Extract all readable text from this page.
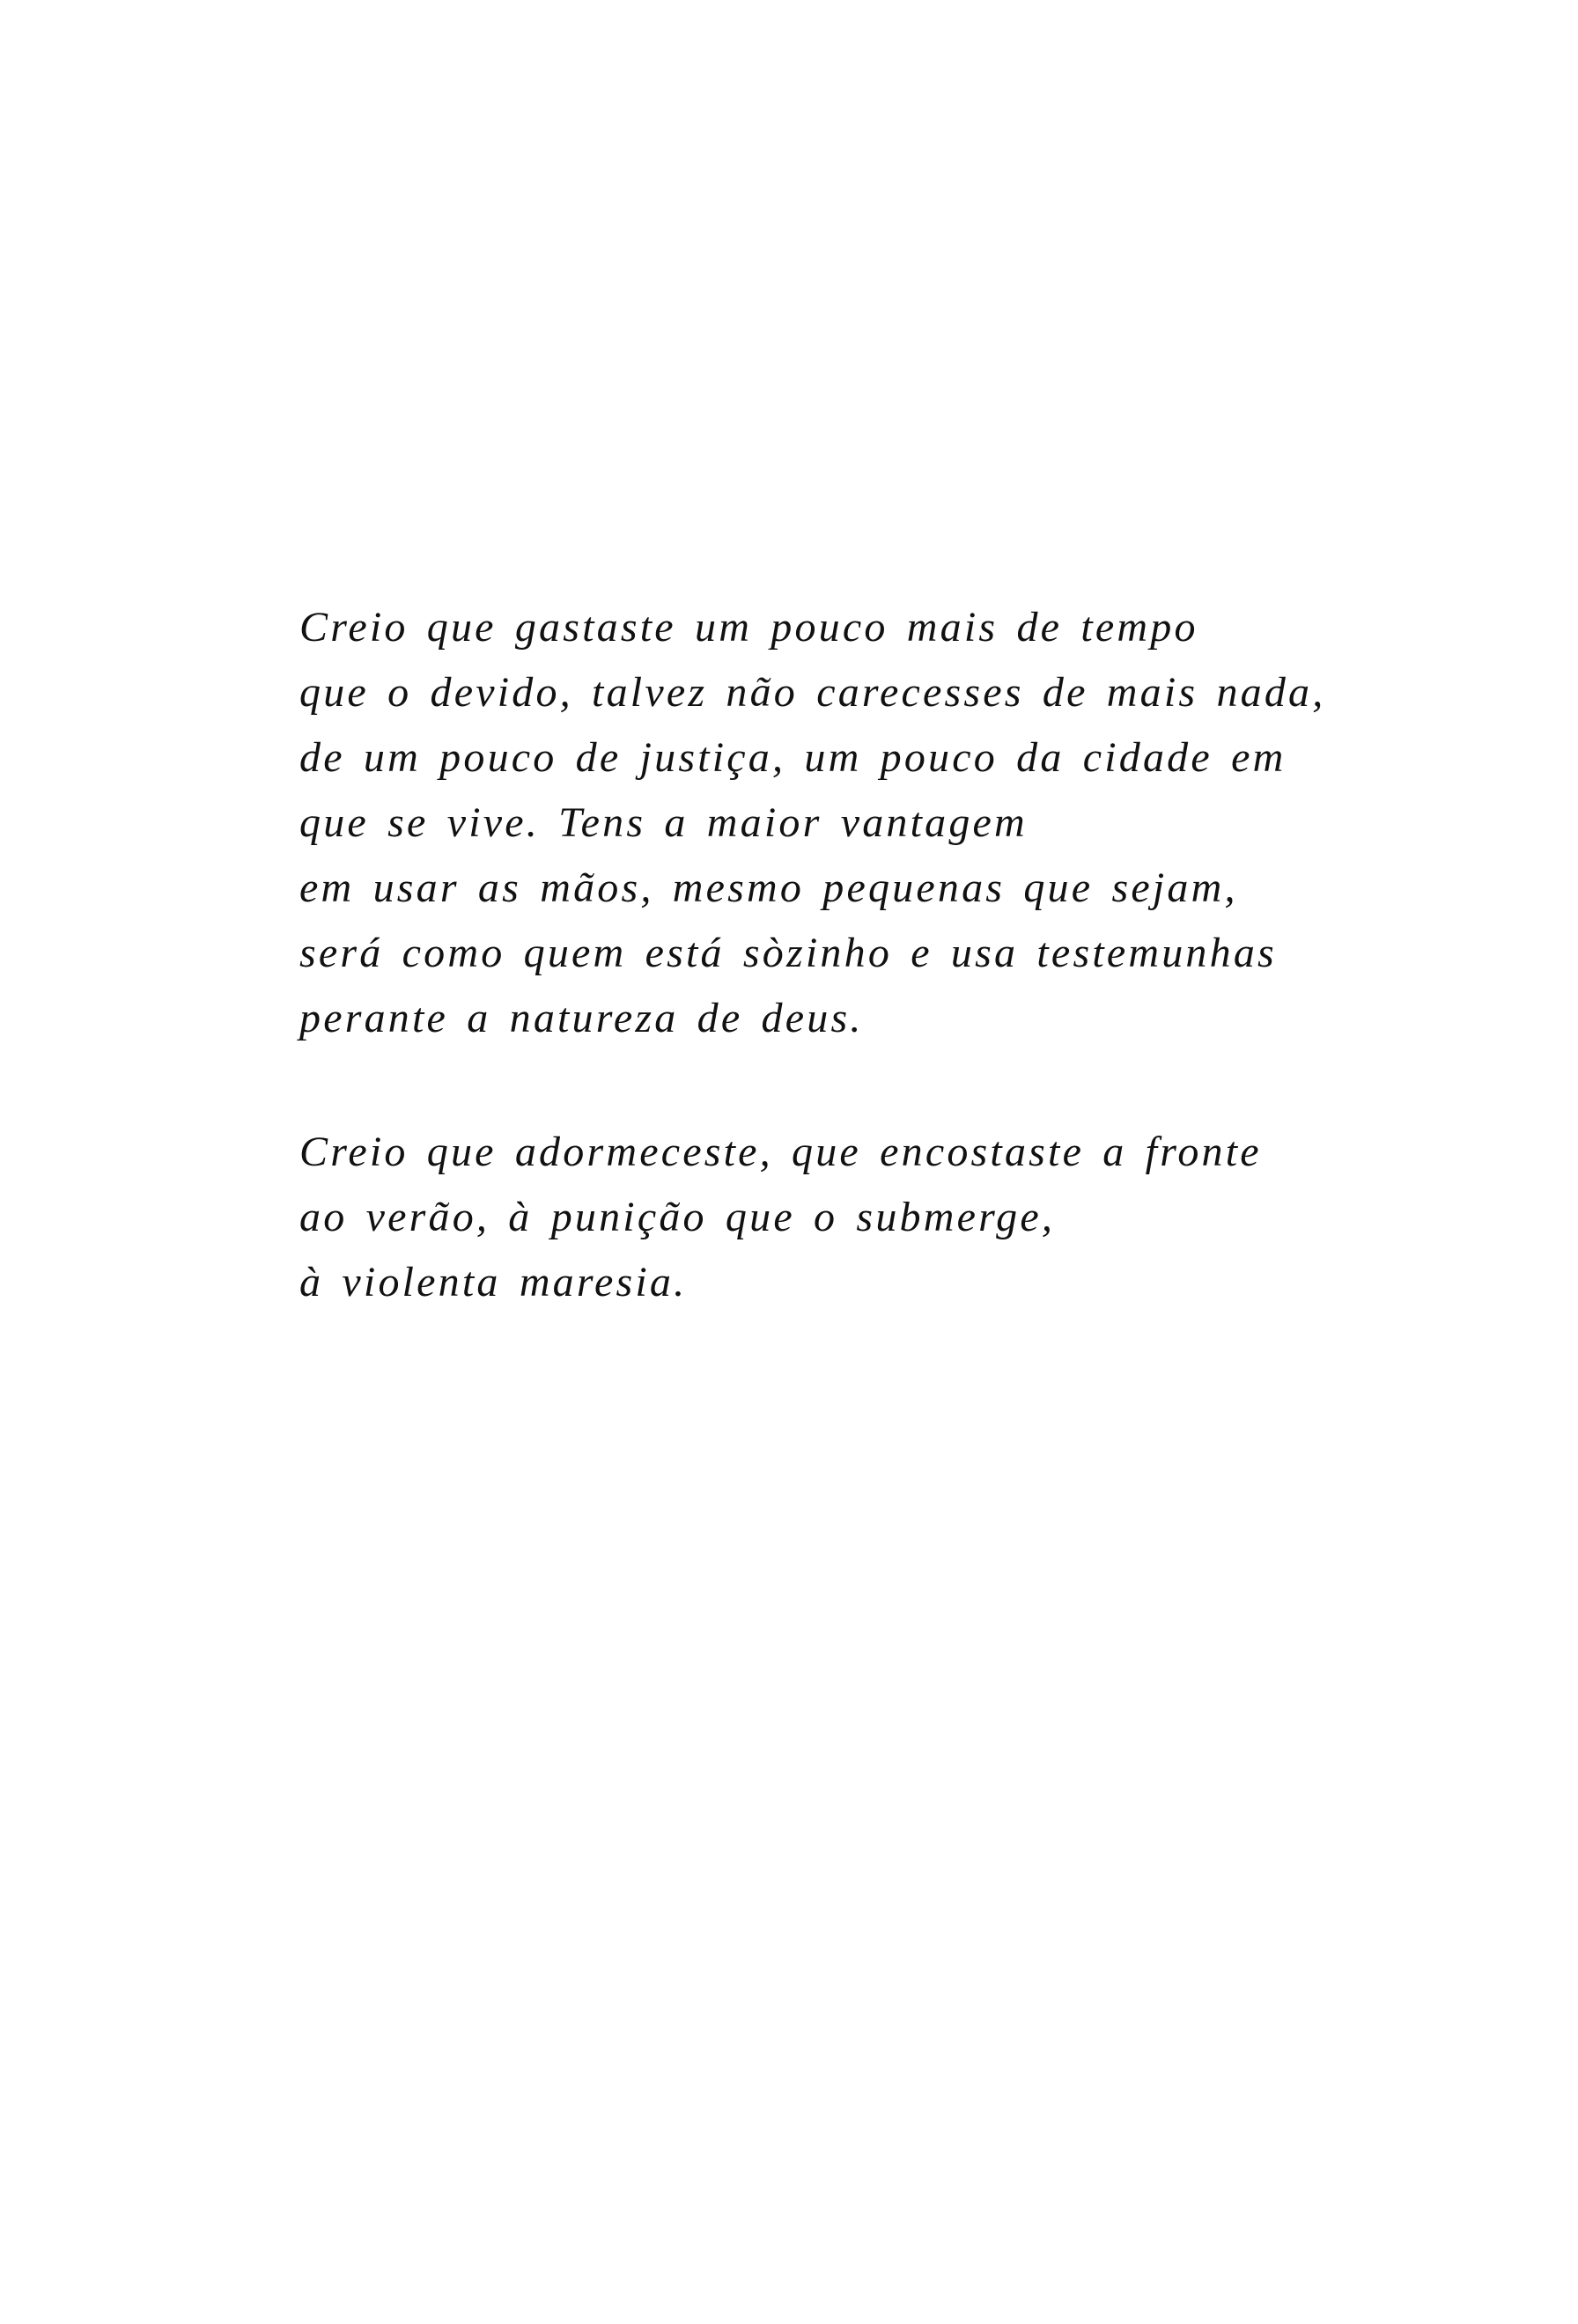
Creio que gastaste um pouco mais de tempo
que o devido, talvez não carecesses de mais nada,
de um pouco de justiça, um pouco da cidade em
que se vive. Tens a maior vantagem
em usar as mãos, mesmo pequenas que sejam,
será como quem está sòzinho e usa testemunhas
perante a natureza de deus.

Creio que adormeceste, que encostaste a fronte
ao verão, à punição que o submerge,
à violenta maresia.
